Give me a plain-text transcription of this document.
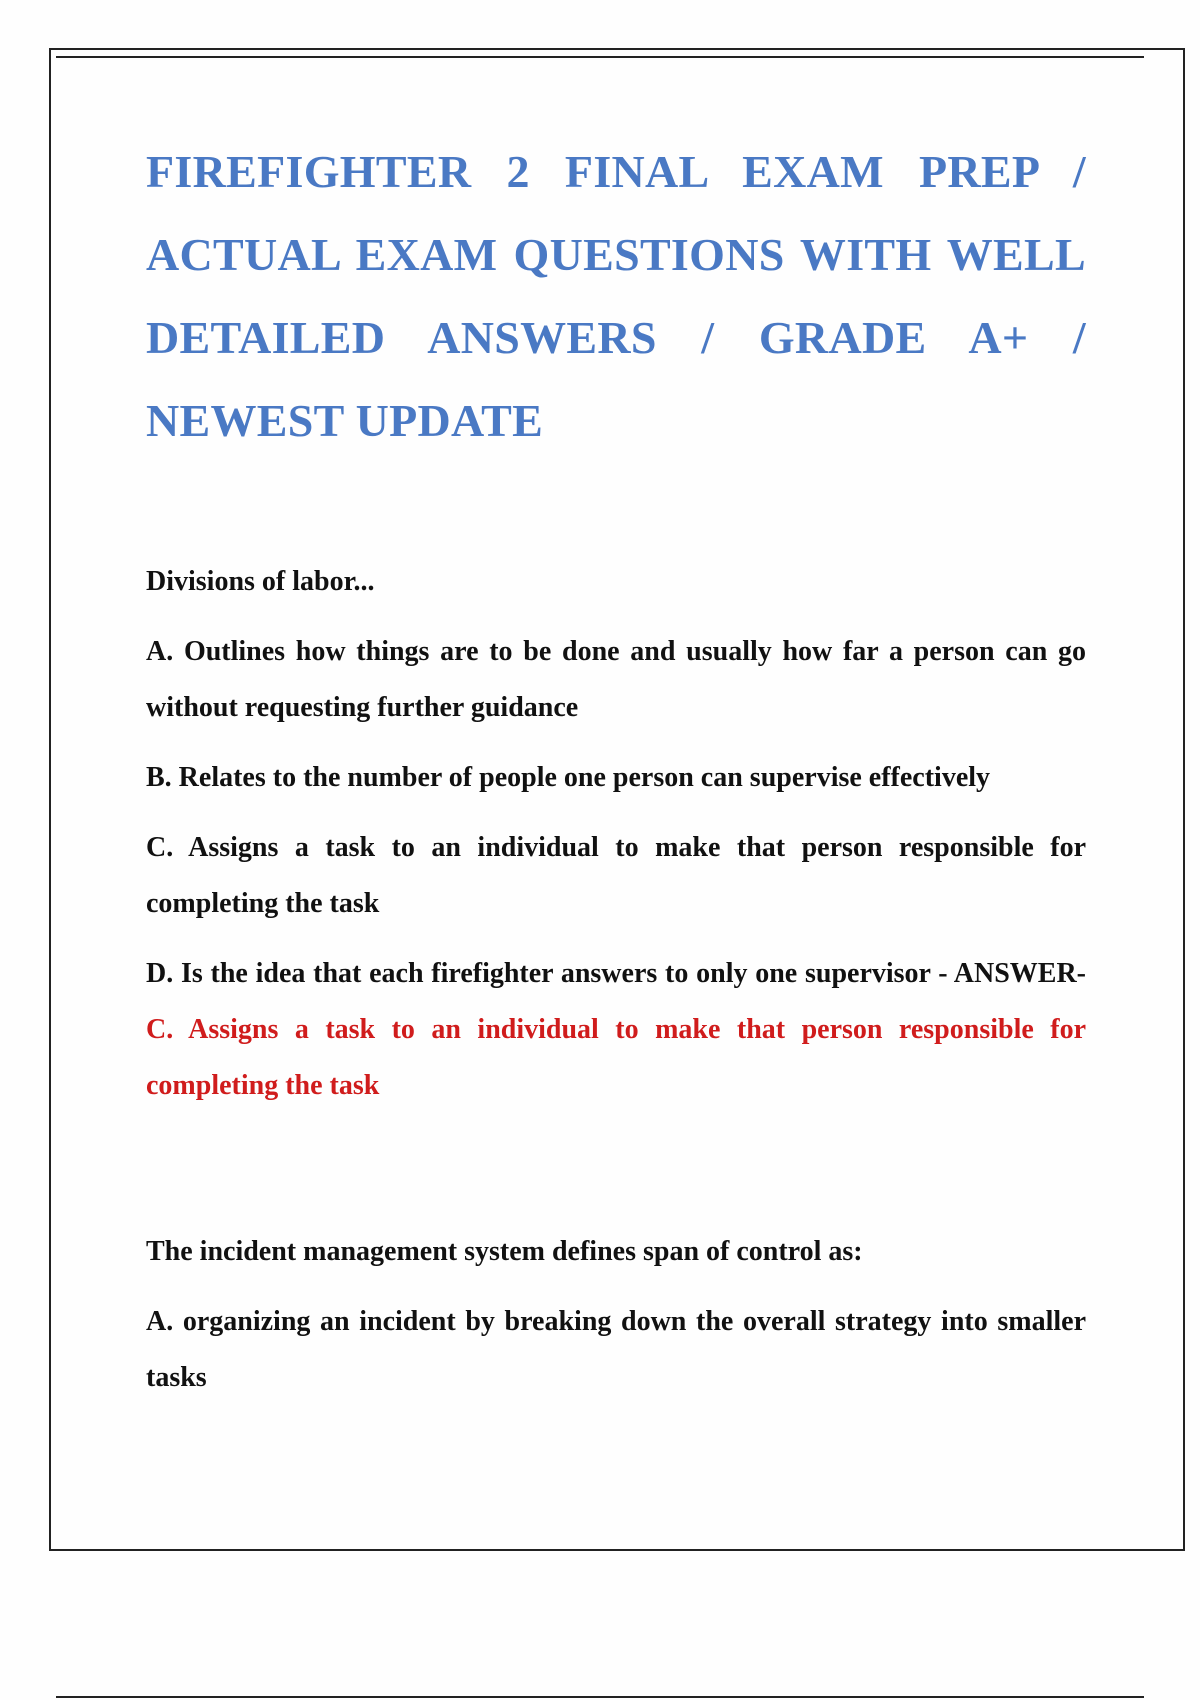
FIREFIGHTER 2 FINAL EXAM PREP / ACTUAL EXAM QUESTIONS WITH WELL DETAILED ANSWERS / GRADE A+ / NEWEST UPDATE

Divisions of labor...

A. Outlines how things are to be done and usually how far a person can go without requesting further guidance

B. Relates to the number of people one person can supervise effectively

C. Assigns a task to an individual to make that person responsible for completing the task

D. Is the idea that each firefighter answers to only one supervisor - ANSWER-C. Assigns a task to an individual to make that person responsible for completing the task

The incident management system defines span of control as:

A. organizing an incident by breaking down the overall strategy into smaller tasks
